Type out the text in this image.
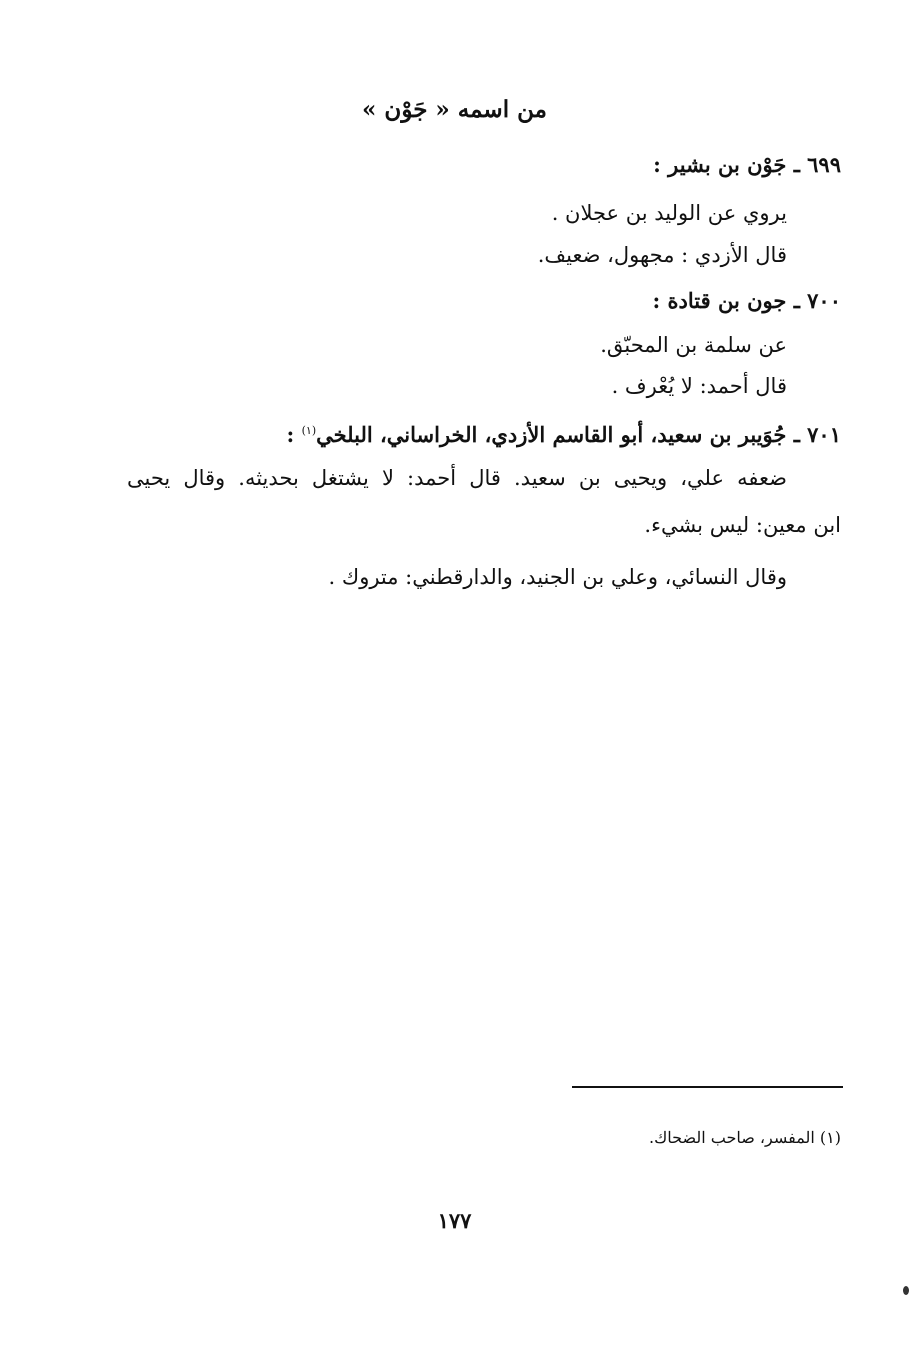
من اسمه « جَوْن »
٦٩٩ ـ جَوْن بن بشير :
يروي عن الوليد بن عجلان .
قال الأزدي : مجهول، ضعيف.
٧٠٠ ـ جون بن قتادة :
عن سلمة بن المحبّق.
قال أحمد: لا يُعْرف .
٧٠١ ـ جُوَيبر بن سعيد، أبو القاسم الأزدي، الخراساني، البلخي$^{(١)}$ :
ضعفه علي، ويحيى بن سعيد. قال أحمد: لا يشتغل بحديثه. وقال يحيى
ابن معين: ليس بشيء.
وقال النسائي، وعلي بن الجنيد، والدارقطني: متروك .
(١) المفسر، صاحب الضحاك.
١٧٧
